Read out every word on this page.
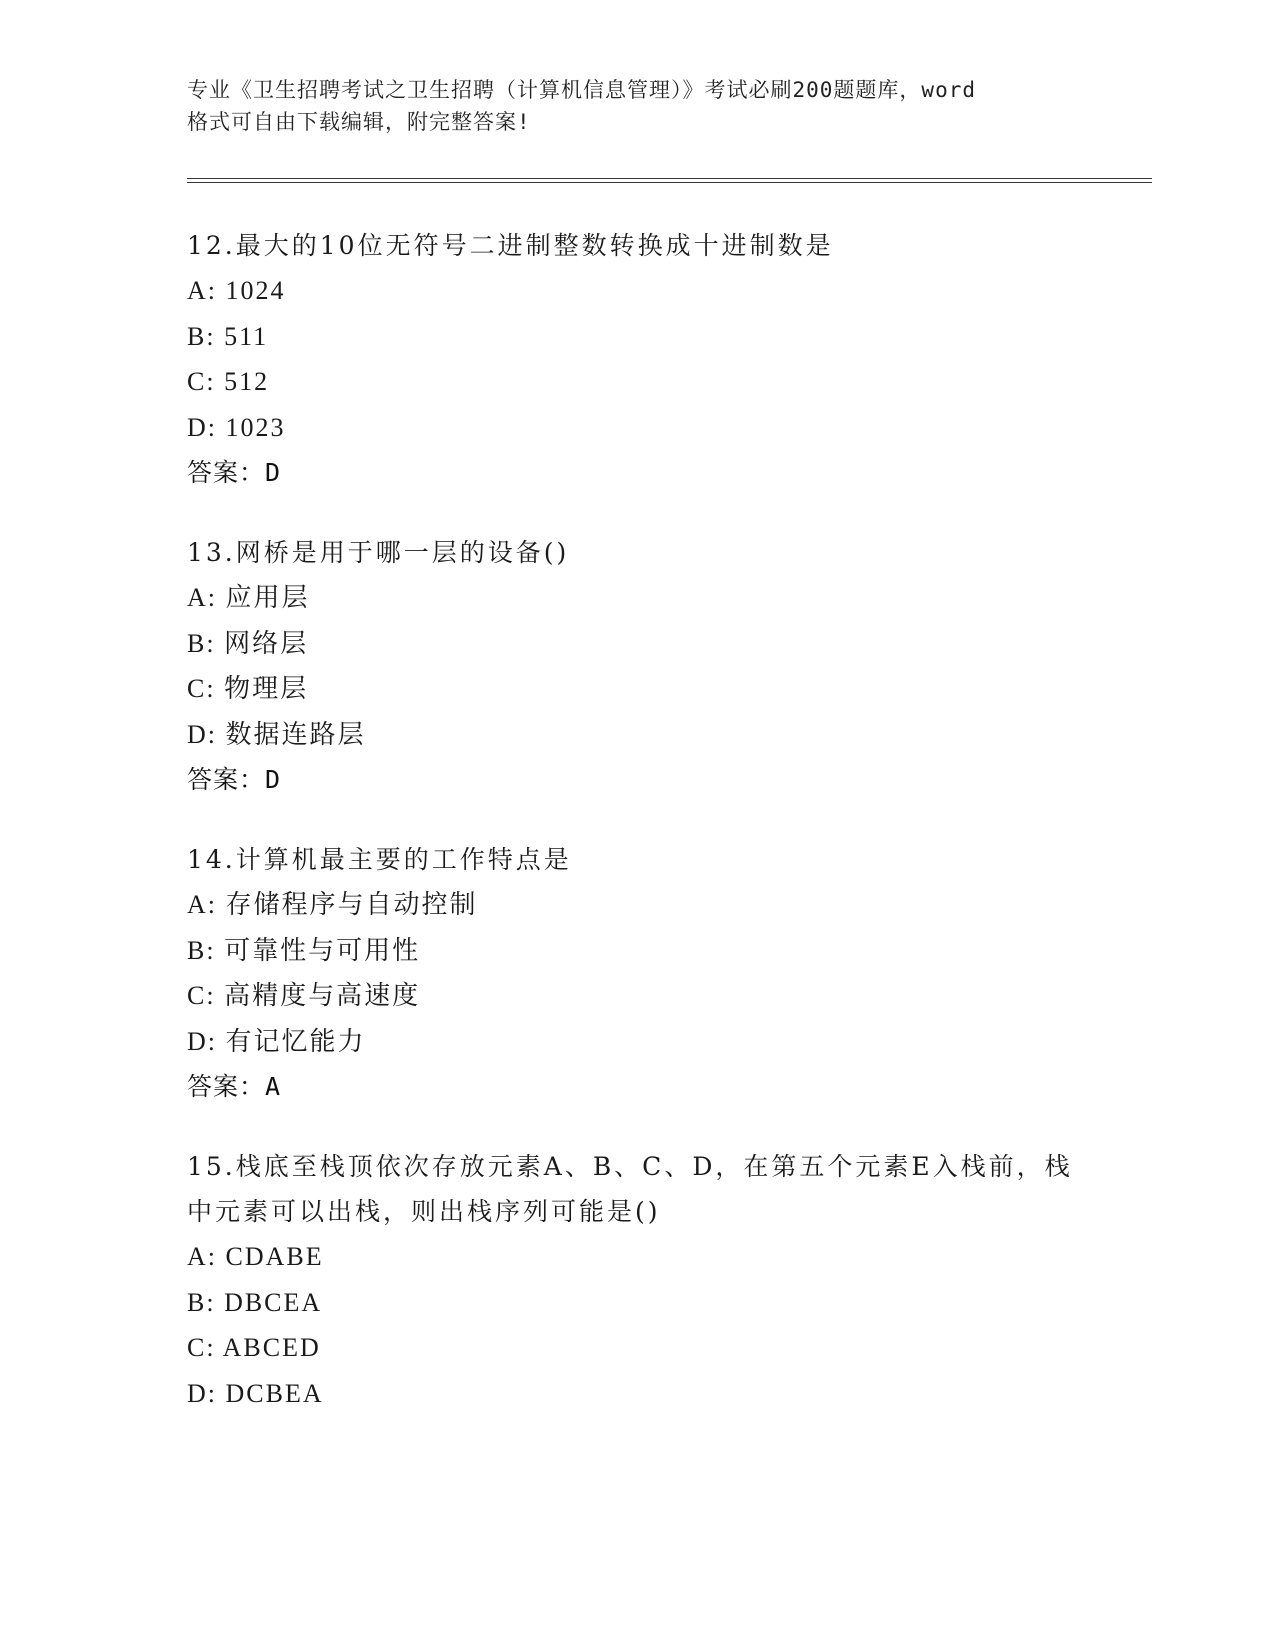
专业《卫生招聘考试之卫生招聘（计算机信息管理）》考试必刷200题题库，word
格式可自由下载编辑，附完整答案!

12.最大的10位无符号二进制整数转换成十进制数是

A: 1024

B: 511

C: 512

D: 1023

答案：D

13.网桥是用于哪一层的设备()

A: 应用层

B: 网络层

C: 物理层

D: 数据连路层

答案：D

14.计算机最主要的工作特点是

A: 存储程序与自动控制

B: 可靠性与可用性

C: 高精度与高速度

D: 有记忆能力

答案：A

15.栈底至栈顶依次存放元素A、B、C、D，在第五个元素E入栈前，栈

中元素可以出栈，则出栈序列可能是()

A: CDABE

B: DBCEA

C: ABCED

D: DCBEA
